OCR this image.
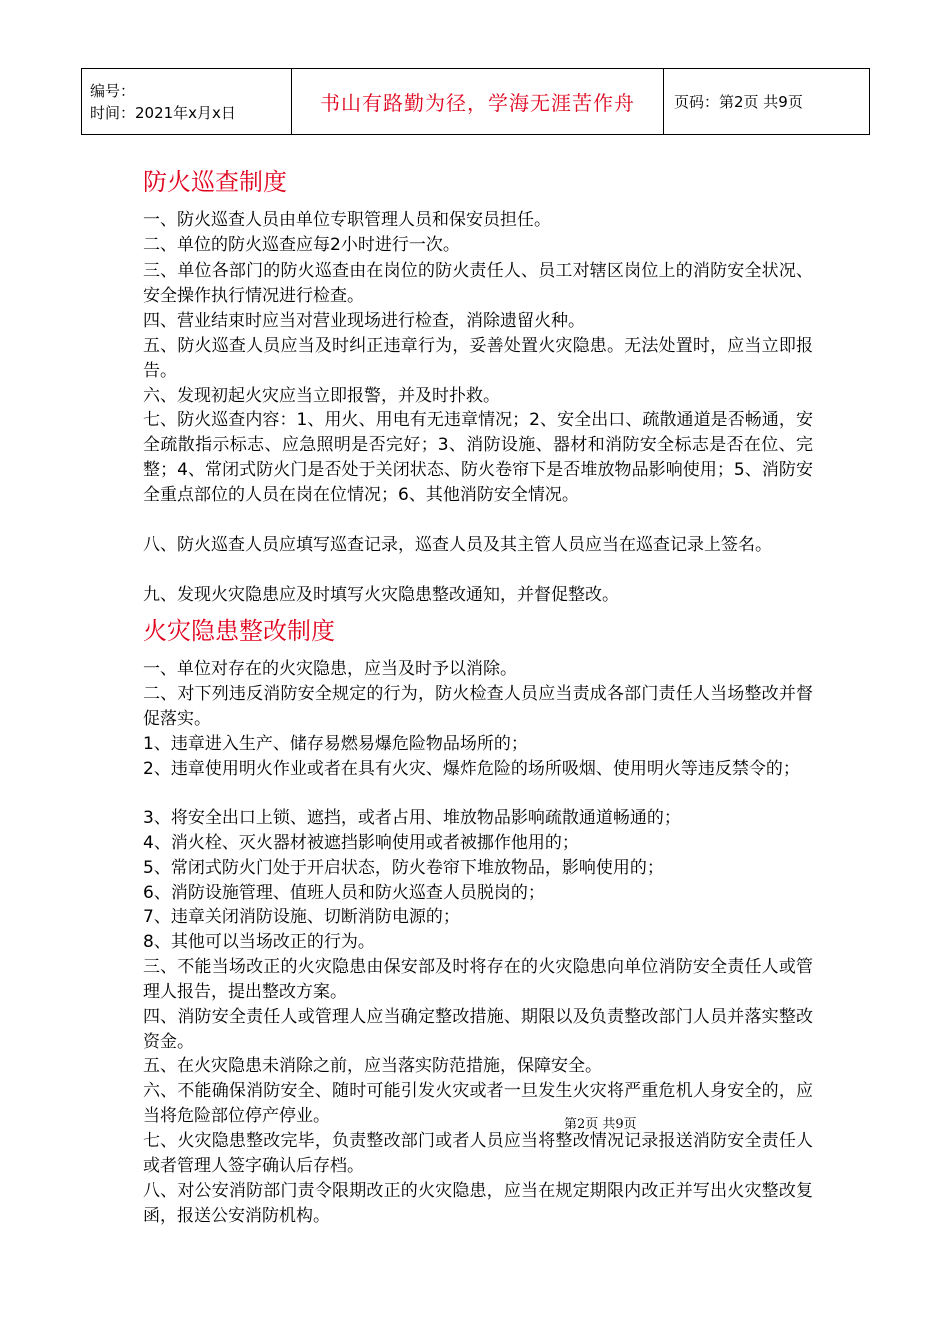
编号：
时间：2021年x月x日	书山有路勤为径，学海无涯苦作舟	页码：第2页 共9页
防火巡查制度

一、防火巡查人员由单位专职管理人员和保安员担任。

二、单位的防火巡查应每2小时进行一次。

三、单位各部门的防火巡查由在岗位的防火责任人、员工对辖区岗位上的消防安全状况、安全操作执行情况进行检查。

四、营业结束时应当对营业现场进行检查，消除遗留火种。

五、防火巡查人员应当及时纠正违章行为，妥善处置火灾隐患。无法处置时，应当立即报告。

六、发现初起火灾应当立即报警，并及时扑救。

七、防火巡查内容：1、用火、用电有无违章情况；2、安全出口、疏散通道是否畅通，安全疏散指示标志、应急照明是否完好；3、消防设施、器材和消防安全标志是否在位、完整；4、常闭式防火门是否处于关闭状态、防火卷帘下是否堆放物品影响使用；5、消防安全重点部位的人员在岗在位情况；6、其他消防安全情况。

八、防火巡查人员应填写巡查记录，巡查人员及其主管人员应当在巡查记录上签名。

九、发现火灾隐患应及时填写火灾隐患整改通知，并督促整改。

火灾隐患整改制度

一、单位对存在的火灾隐患，应当及时予以消除。

二、对下列违反消防安全规定的行为，防火检查人员应当责成各部门责任人当场整改并督促落实。

1、违章进入生产、储存易燃易爆危险物品场所的；

2、违章使用明火作业或者在具有火灾、爆炸危险的场所吸烟、使用明火等违反禁令的；

3、将安全出口上锁、遮挡，或者占用、堆放物品影响疏散通道畅通的；

4、消火栓、灭火器材被遮挡影响使用或者被挪作他用的；

5、常闭式防火门处于开启状态，防火卷帘下堆放物品，影响使用的；

6、消防设施管理、值班人员和防火巡查人员脱岗的；

7、违章关闭消防设施、切断消防电源的；

8、其他可以当场改正的行为。

三、不能当场改正的火灾隐患由保安部及时将存在的火灾隐患向单位消防安全责任人或管理人报告，提出整改方案。

四、消防安全责任人或管理人应当确定整改措施、期限以及负责整改部门人员并落实整改资金。

五、在火灾隐患未消除之前，应当落实防范措施，保障安全。

六、不能确保消防安全、随时可能引发火灾或者一旦发生火灾将严重危机人身安全的，应当将危险部位停产停业。

七、火灾隐患整改完毕，负责整改部门或者人员应当将整改情况记录报送消防安全责任人或者管理人签字确认后存档。

八、对公安消防部门责令限期改正的火灾隐患，应当在规定期限内改正并写出火灾整改复函，报送公安消防机构。

第2页 共9页
